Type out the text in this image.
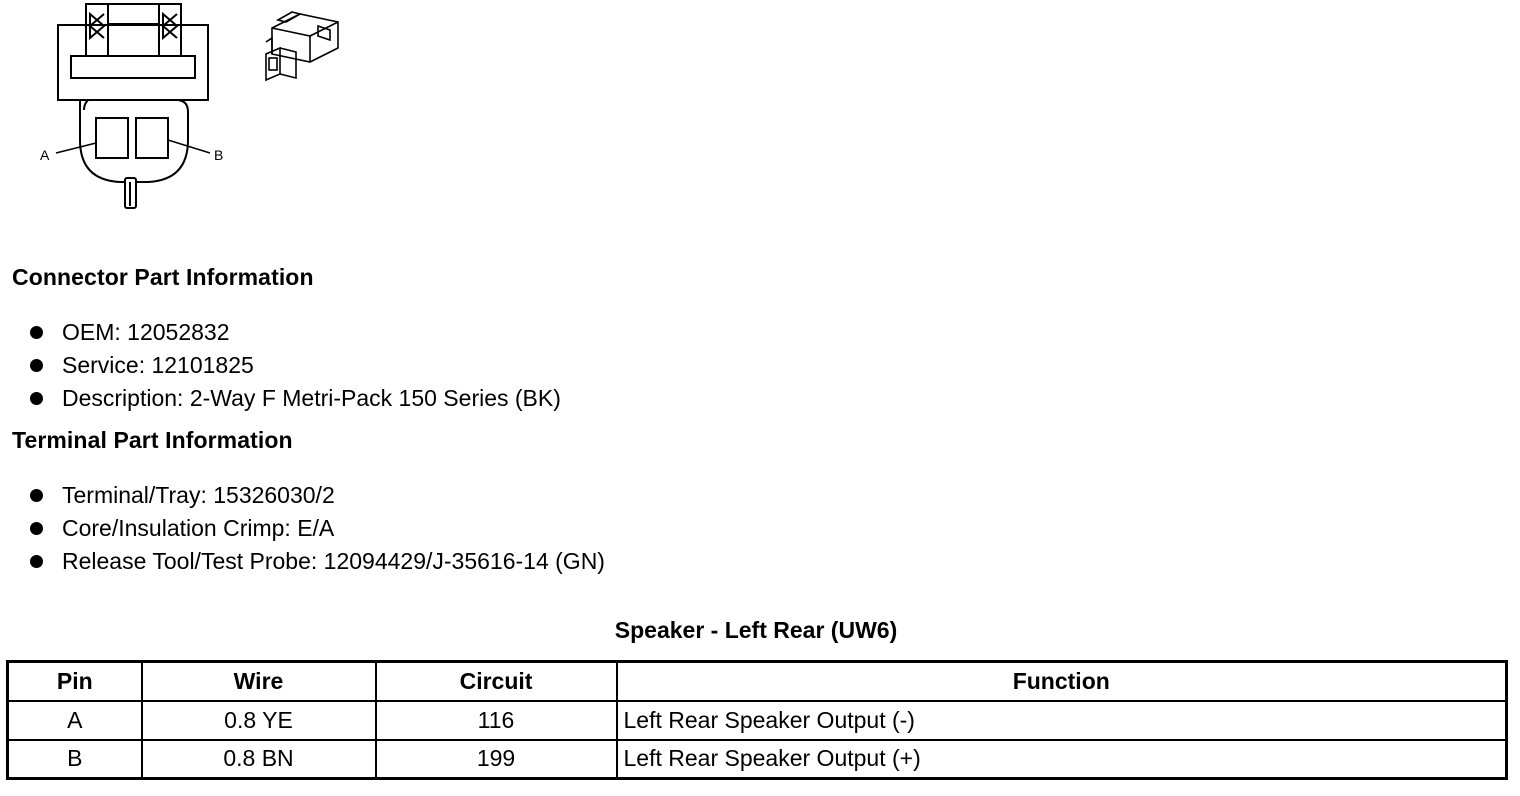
A	B
Connector Part Information
OEM: 12052832
Service: 12101825
Description: 2-Way F Metri-Pack 150 Series (BK)
Terminal Part Information
Terminal/Tray: 15326030/2
Core/Insulation Crimp: E/A
Release Tool/Test Probe: 12094429/J-35616-14 (GN)
Speaker - Left Rear (UW6)
Pin	Wire	Circuit	Function
A	0.8 YE	116	Left Rear Speaker Output (-)
B	0.8 BN	199	Left Rear Speaker Output (+)
